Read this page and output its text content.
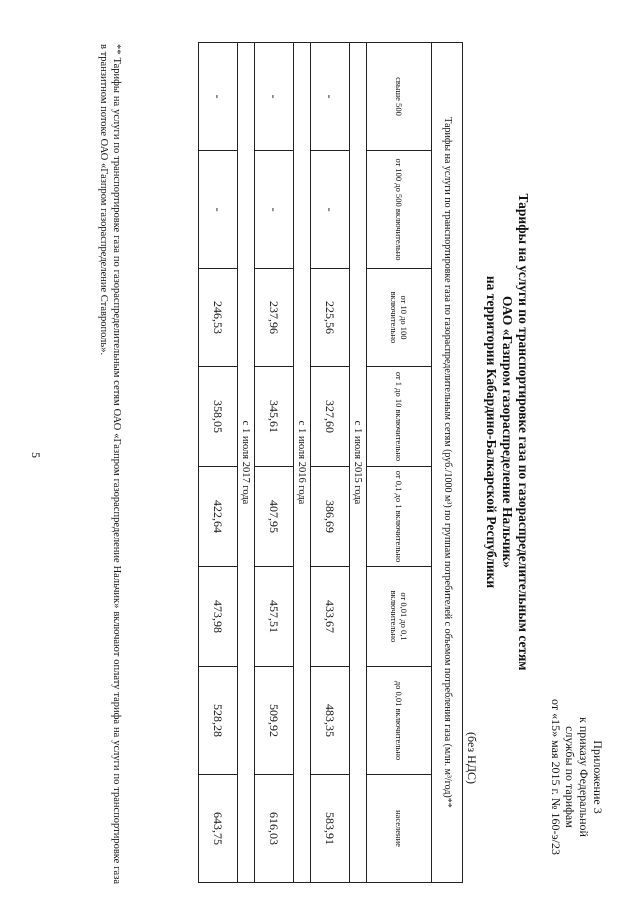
Приложение 3
к приказу Федеральной
службы по тарифам
от «15» мая 2015 г. № 160-э/23
Тарифы на услуги по транспортировке газа по газораспределительным сетям
ОАО «Газпром газораспределение Нальчик»
на территории Кабардино-Балкарской Республики
(без НДС)
Тарифы на услуги по транспортировке газа по газораспределительным сетям (руб./1000 м³) по группам потребителей с объемом потребления газа (млн. м³/год)**							
свыше 500	от 100 до 500 включительно	от 10 до 100 включительно	от 1 до 10 включительно	от 0,1 до 1 включительно	от 0,01 до 0,1 включительно	до 0,01 включительно	население
с 1 июля 2015 года							
-	-	225,56	327,60	386,69	433,67	483,35	583,91
с 1 июля 2016 года							
-	-	237,96	345,61	407,95	457,51	509,92	616,03
с 1 июля 2017 года							
-	-	246,53	358,05	422,64	473,98	528,28	643,75
** Тарифы на услуги по транспортировке газа по газораспределительным сетям ОАО «Газпром газораспределение Нальчик» включают оплату тарифа на услуги по транспортировке газа в транзитном потоке ОАО «Газпром газораспределение Ставрополь».
5
